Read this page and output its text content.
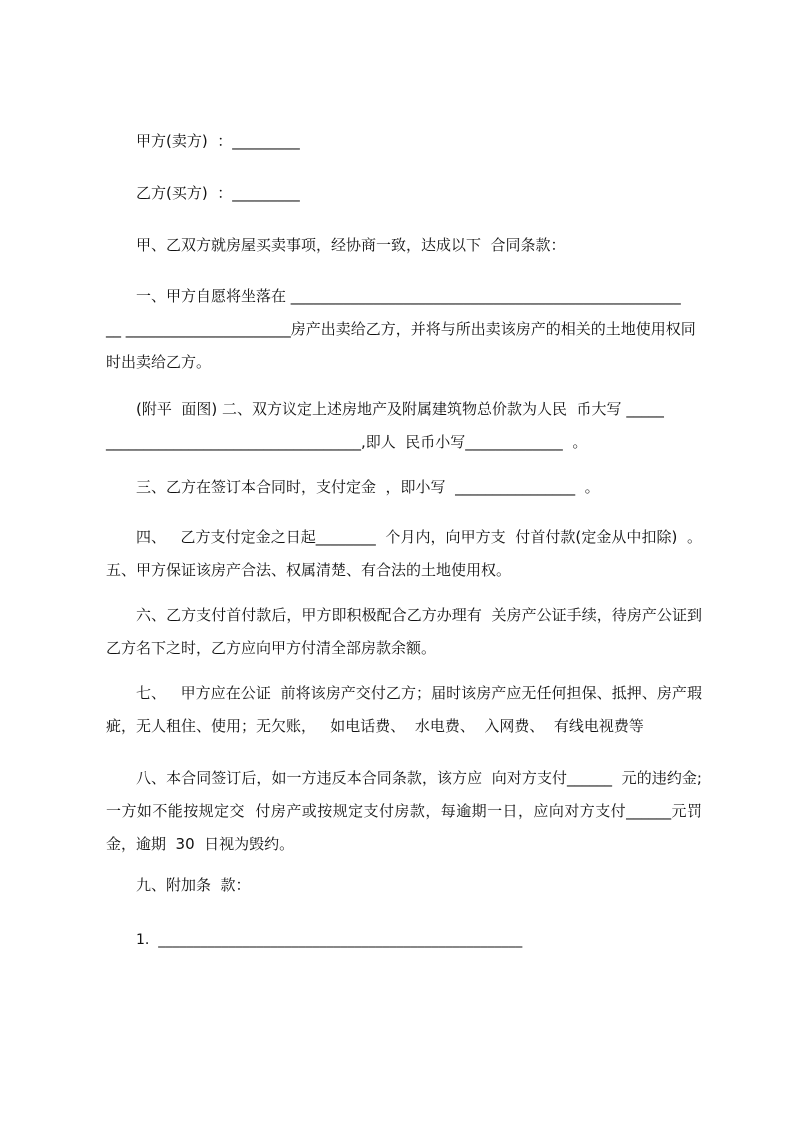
甲方(卖方)  ：_________
乙方(买方)  ：_________
甲、乙双方就房屋买卖事项，经协商一致，达成以下  合同条款：
一、甲方自愿将坐落在 ____________________________________________________
__ ______________________房产出卖给乙方，并将与所出卖该房产的相关的土地使用权同时出卖给乙方。
(附平  面图) 二、双方议定上述房地产及附属建筑物总价款为人民  币大写 _____
__________________________________,即人  民币小写_____________  。
三、乙方在签订本合同时，支付定金  ，即小写  ________________  。
四、   乙方支付定金之日起________  个月内，向甲方支  付首付款(定金从中扣除)  。 五、甲方保证该房产合法、权属清楚、有合法的土地使用权。
六、乙方支付首付款后，甲方即积极配合乙方办理有  关房产公证手续，待房产公证到乙方名下之时，乙方应向甲方付清全部房款余额。
七、   甲方应在公证  前将该房产交付乙方；届时该房产应无任何担保、抵押、房产瑕疵，无人租住、使用；无欠账，   如电话费、  水电费、  入网费、  有线电视费等
八、本合同签订后，如一方违反本合同条款，该方应  向对方支付______  元的违约金;一方如不能按规定交  付房产或按规定支付房款，每逾期一日，应向对方支付______元罚金，逾期  30  日视为毁约。
九、附加条  款：
1.  ____________________________________________________
